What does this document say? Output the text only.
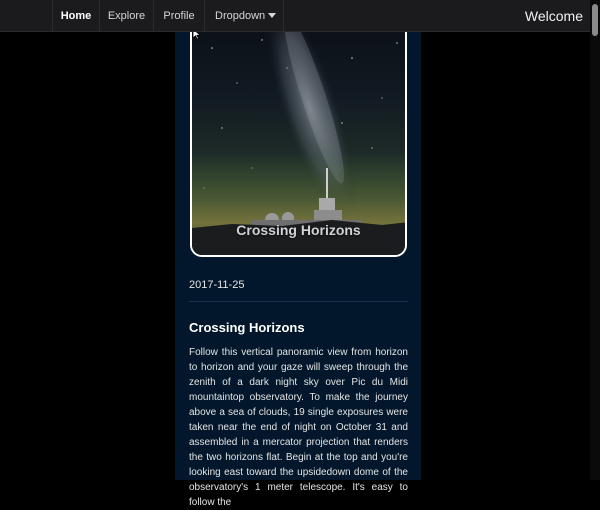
Home	Explore	Profile	Dropdown	Welcome
Crossing Horizons
2017-11-25
Crossing Horizons

Follow this vertical panoramic view from horizon to horizon and your gaze will sweep through the zenith of a dark night sky over Pic du Midi mountaintop observatory. To make the journey above a sea of clouds, 19 single exposures were taken near the end of night on October 31 and assembled in a mercator projection that renders the two horizons flat. Begin at the top and you're looking east toward the upsidedown dome of the observatory's 1 meter telescope. It's easy to follow the
